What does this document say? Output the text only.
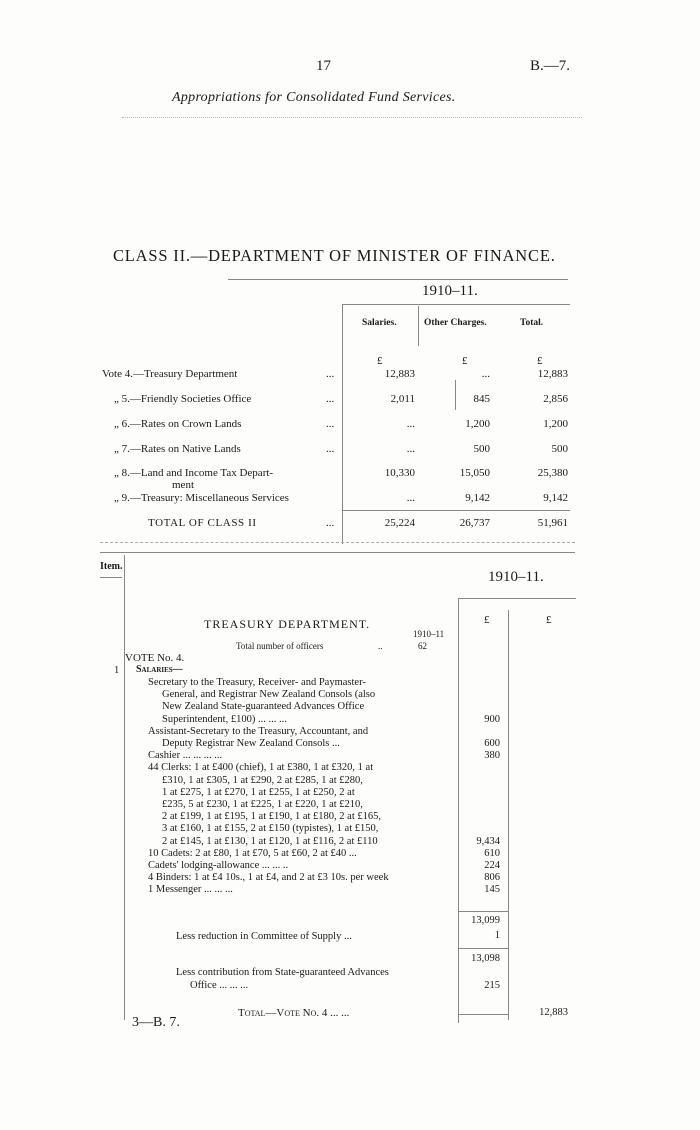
17	B.—7.
Appropriations for Consolidated Fund Services.
CLASS II.—DEPARTMENT OF MINISTER OF FINANCE.
1910–11.
Salaries.	Other Charges.	Total.
£	£	£
Vote 4.—Treasury Department	...	12,883	...	12,883
„ 5.—Friendly Societies Office	...	2,011	845	2,856
„ 6.—Rates on Crown Lands	...	...	1,200	1,200
„ 7.—Rates on Native Lands	...	...	500	500
„ 8.—Land and Income Tax Depart-
ment
10,330	15,050	25,380
„ 9.—Treasury: Miscellaneous Services	...	9,142	9,142
TOTAL OF CLASS II	...	25,224	26,737	51,961
Item.
1910–11.
£	£
TREASURY DEPARTMENT.
1910–11
Total number of officers	..	62
VOTE No. 4.
1 Salaries—
Secretary to the Treasury, Receiver- and Paymaster-
General, and Registrar New Zealand Consols (also
New Zealand State-guaranteed Advances Office
Superintendent, £100) ... ... ...	900
Assistant-Secretary to the Treasury, Accountant, and
Deputy Registrar New Zealand Consols ...	600
Cashier ... ... ... ...	380
44 Clerks: 1 at £400 (chief), 1 at £380, 1 at £320, 1 at
£310, 1 at £305, 1 at £290, 2 at £285, 1 at £280,
1 at £275, 1 at £270, 1 at £255, 1 at £250, 2 at
£235, 5 at £230, 1 at £225, 1 at £220, 1 at £210,
2 at £199, 1 at £195, 1 at £190, 1 at £180, 2 at £165,
3 at £160, 1 at £155, 2 at £150 (typistes), 1 at £150,
2 at £145, 1 at £130, 1 at £120, 1 at £116, 2 at £110	9,434
10 Cadets: 2 at £80, 1 at £70, 5 at £60, 2 at £40 ...	610
Cadets' lodging-allowance ... ... ..	224
4 Binders: 1 at £4 10s., 1 at £4, and 2 at £3 10s. per week	806
1 Messenger ... ... ...	145
13,099
Less reduction in Committee of Supply ...	1
13,098
Less contribution from State-guaranteed Advances
Office ... ... ...	215
Total—Vote No. 4 ... ...	12,883
3—B. 7.
